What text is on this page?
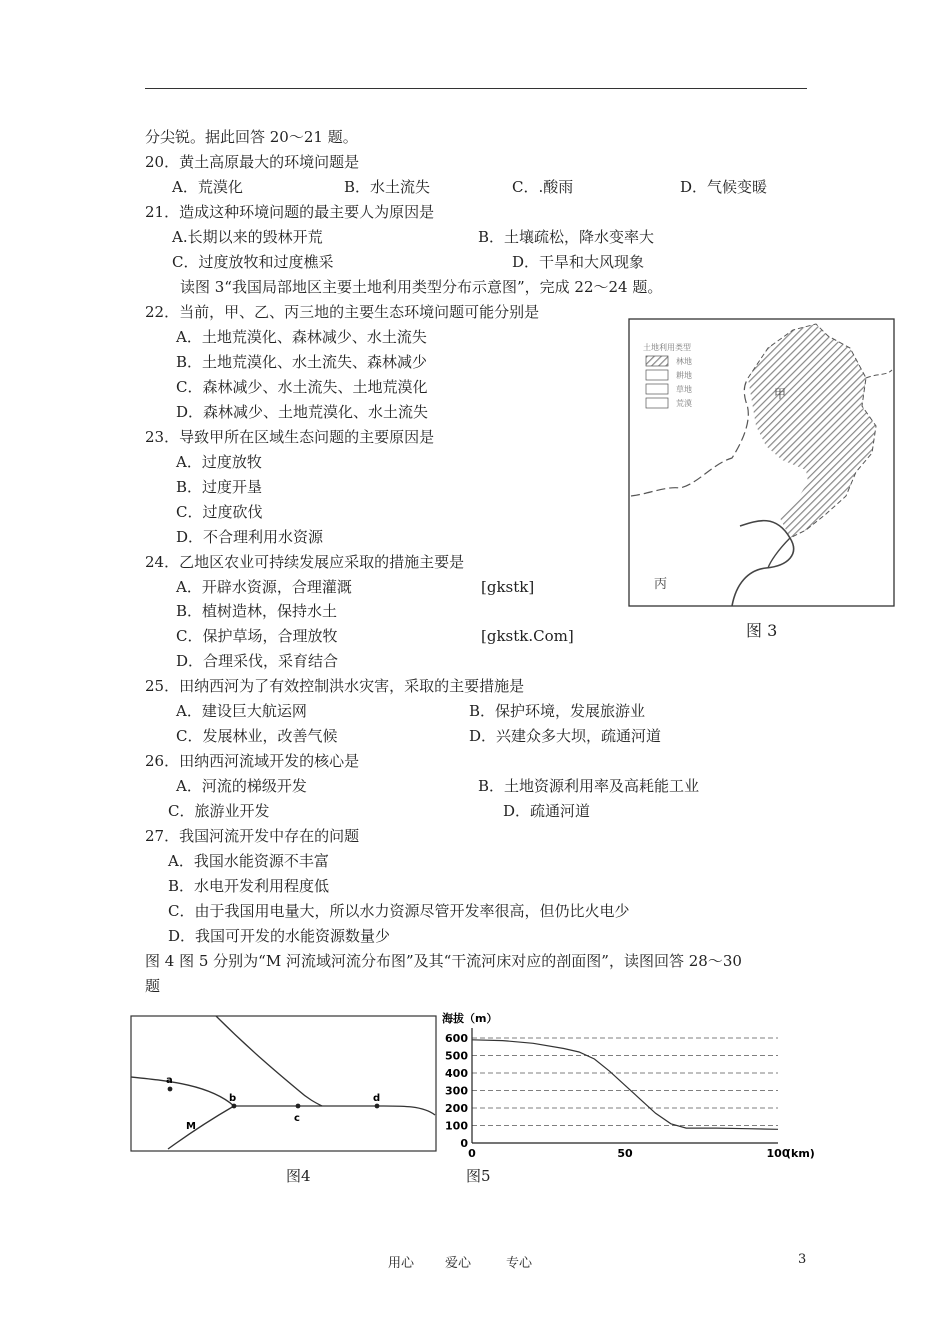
分尖锐。据此回答 20～21 题。
20．黄土高原最大的环境问题是
A．荒漠化	B．水土流失	C．.酸雨	D．气候变暖
21．造成这种环境问题的最主要人为原因是
A.长期以来的毁林开荒	B．土壤疏松，降水变率大
C．过度放牧和过度樵采	D．干旱和大风现象
读图 3“我国局部地区主要土地利用类型分布示意图”，完成 22～24 题。
22．当前，甲、乙、丙三地的主要生态环境问题可能分别是
A．土地荒漠化、森林减少、水土流失
B．土地荒漠化、水土流失、森林减少
C．森林减少、水土流失、土地荒漠化
D．森林减少、土地荒漠化、水土流失
23．导致甲所在区域生态问题的主要原因是
A．过度放牧
B．过度开垦
C．过度砍伐
D．不合理利用水资源
24．乙地区农业可持续发展应采取的措施主要是
A．开辟水资源，合理灌溉	[gkstk]
B．植树造林，保持水土
C．保护草场，合理放牧	[gkstk.Com]
D．合理采伐，采育结合
25．田纳西河为了有效控制洪水灾害，采取的主要措施是
A．建设巨大航运网	B．保护环境，发展旅游业
C．发展林业，改善气候	D．兴建众多大坝，疏通河道
26．田纳西河流域开发的核心是
A．河流的梯级开发	B．土地资源利用率及高耗能工业
C．旅游业开发	D．疏通河道
27．我国河流开发中存在的问题
A．我国水能资源不丰富
B．水电开发利用程度低
C．由于我国用电量大，所以水力资源尽管开发率很高，但仍比火电少
D．我国可开发的水能资源数量少
图 4 图 5 分别为“M 河流域河流分布图”及其“干流河床对应的剖面图”，读图回答 28～30
题
土地利用类型
林地
耕地
草地
荒漠
甲
丙
图 3
a
b
c
d
M
图4
海拔（m）
600
500
400
300
200
100
0
0	50	100
(km)
图5
用心 爱心	专心	3
